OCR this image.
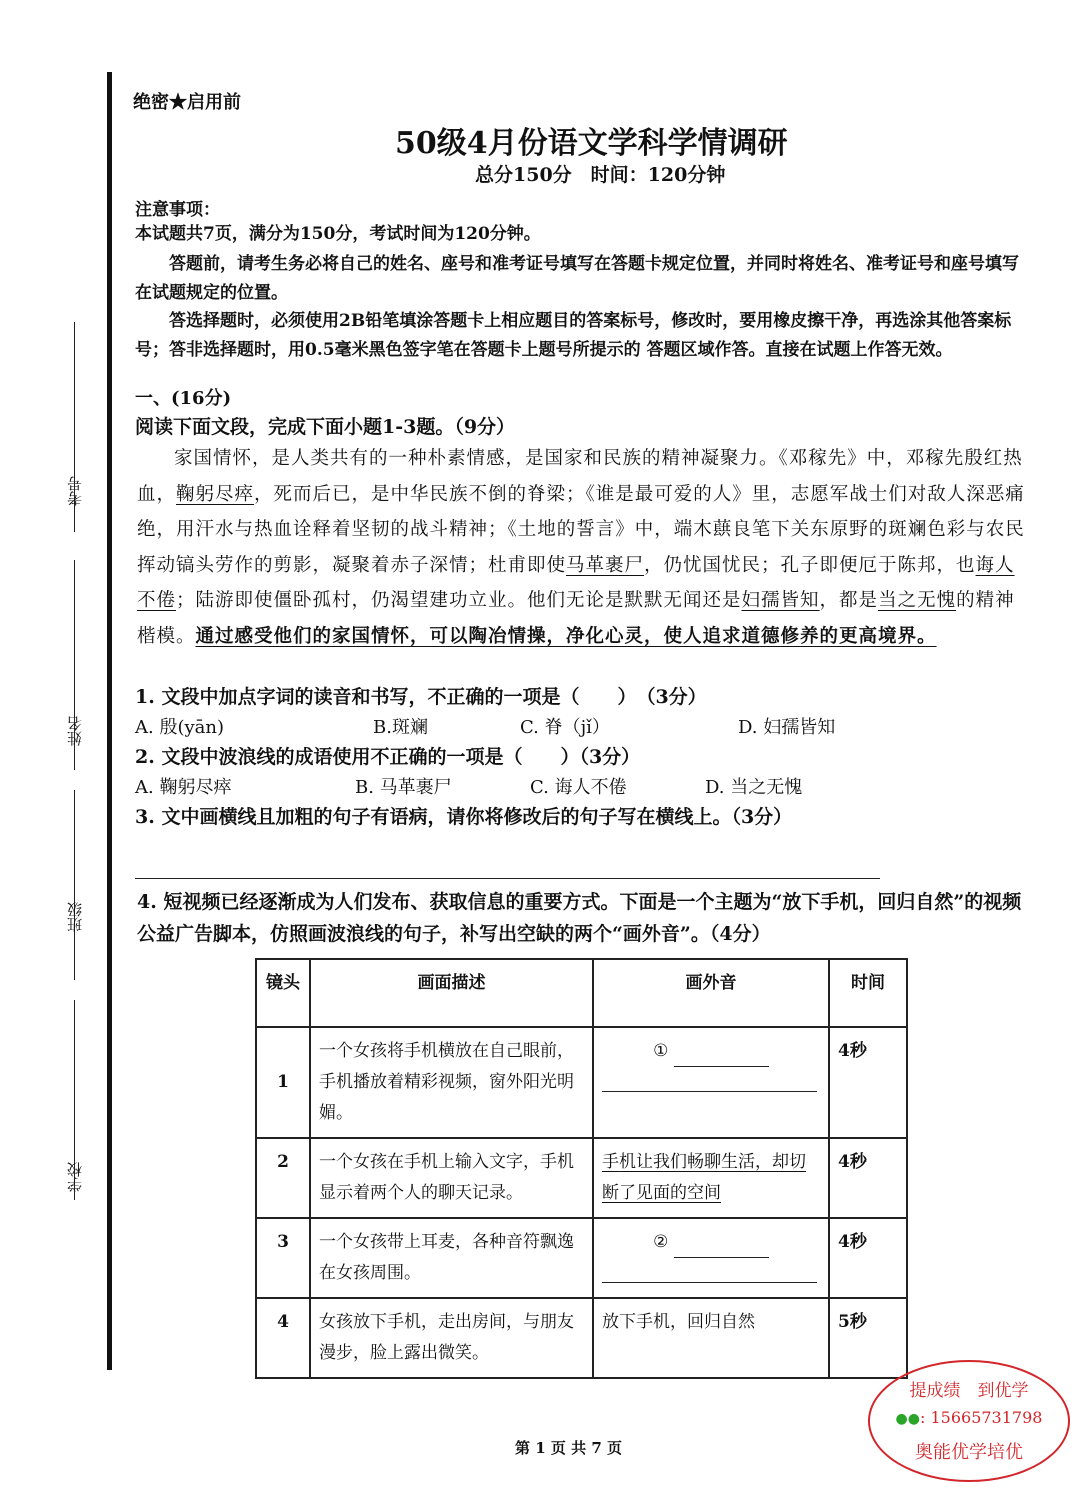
考号
姓名
班级
学校
绝密★启用前
50级4月份语文学科学情调研
总分150分　时间：120分钟
注意事项：
本试题共7页，满分为150分，考试时间为120分钟。
答题前，请考生务必将自己的姓名、座号和准考证号填写在答题卡规定位置，并同时将姓名、准考证号和座号填写在试题规定的位置。
答选择题时，必须使用2B铅笔填涂答题卡上相应题目的答案标号，修改时，要用橡皮擦干净，再选涂其他答案标号；答非选择题时，用0.5毫米黑色签字笔在答题卡上题号所提示的 答题区域作答。直接在试题上作答无效。
一、(16分)
阅读下面文段，完成下面小题1-3题。（9分）
家国情怀，是人类共有的一种朴素情感，是国家和民族的精神凝聚力。《邓稼先》中，邓稼先殷红热血，鞠躬尽瘁，死而后已，是中华民族不倒的脊梁；《谁是最可爱的人》里，志愿军战士们对敌人深恶痛绝，用汗水与热血诠释着坚韧的战斗精神；《土地的誓言》中，端木蕻良笔下关东原野的斑斓色彩与农民挥动镐头劳作的剪影，凝聚着赤子深情；杜甫即使马革裹尸，仍忧国忧民；孔子即便厄于陈邦，也诲人不倦；陆游即使僵卧孤村，仍渴望建功立业。他们无论是默默无闻还是妇孺皆知，都是当之无愧的精神楷模。通过感受他们的家国情怀，可以陶冶情操，净化心灵，使人追求道德修养的更高境界。
1. 文段中加点字词的读音和书写，不正确的一项是（　　）　（3分）
A. 殷(yān)	B.斑斓	C. 脊（jǐ）	D. 妇孺皆知
2. 文段中波浪线的成语使用不正确的一项是（　　）（3分）
A. 鞠躬尽瘁	B. 马革裹尸	C. 诲人不倦	D. 当之无愧
3. 文中画横线且加粗的句子有语病，请你将修改后的句子写在横线上。（3分）
4. 短视频已经逐渐成为人们发布、获取信息的重要方式。下面是一个主题为“放下手机，回归自然”的视频公益广告脚本，仿照画波浪线的句子，补写出空缺的两个“画外音”。（4分）
镜头	画面描述	画外音	时间
1	一个女孩将手机横放在自己眼前，手机播放着精彩视频，窗外阳光明媚。	①	4秒
2	一个女孩在手机上输入文字，手机显示着两个人的聊天记录。	手机让我们畅聊生活，却切断了见面的空间	4秒
3	一个女孩带上耳麦，各种音符飘逸在女孩周围。	②	4秒
4	女孩放下手机，走出房间，与朋友漫步，脸上露出微笑。	放下手机，回归自然	5秒
第 1 页 共 7 页
提成绩　到优学
●●: 15665731798
奥能优学培优
